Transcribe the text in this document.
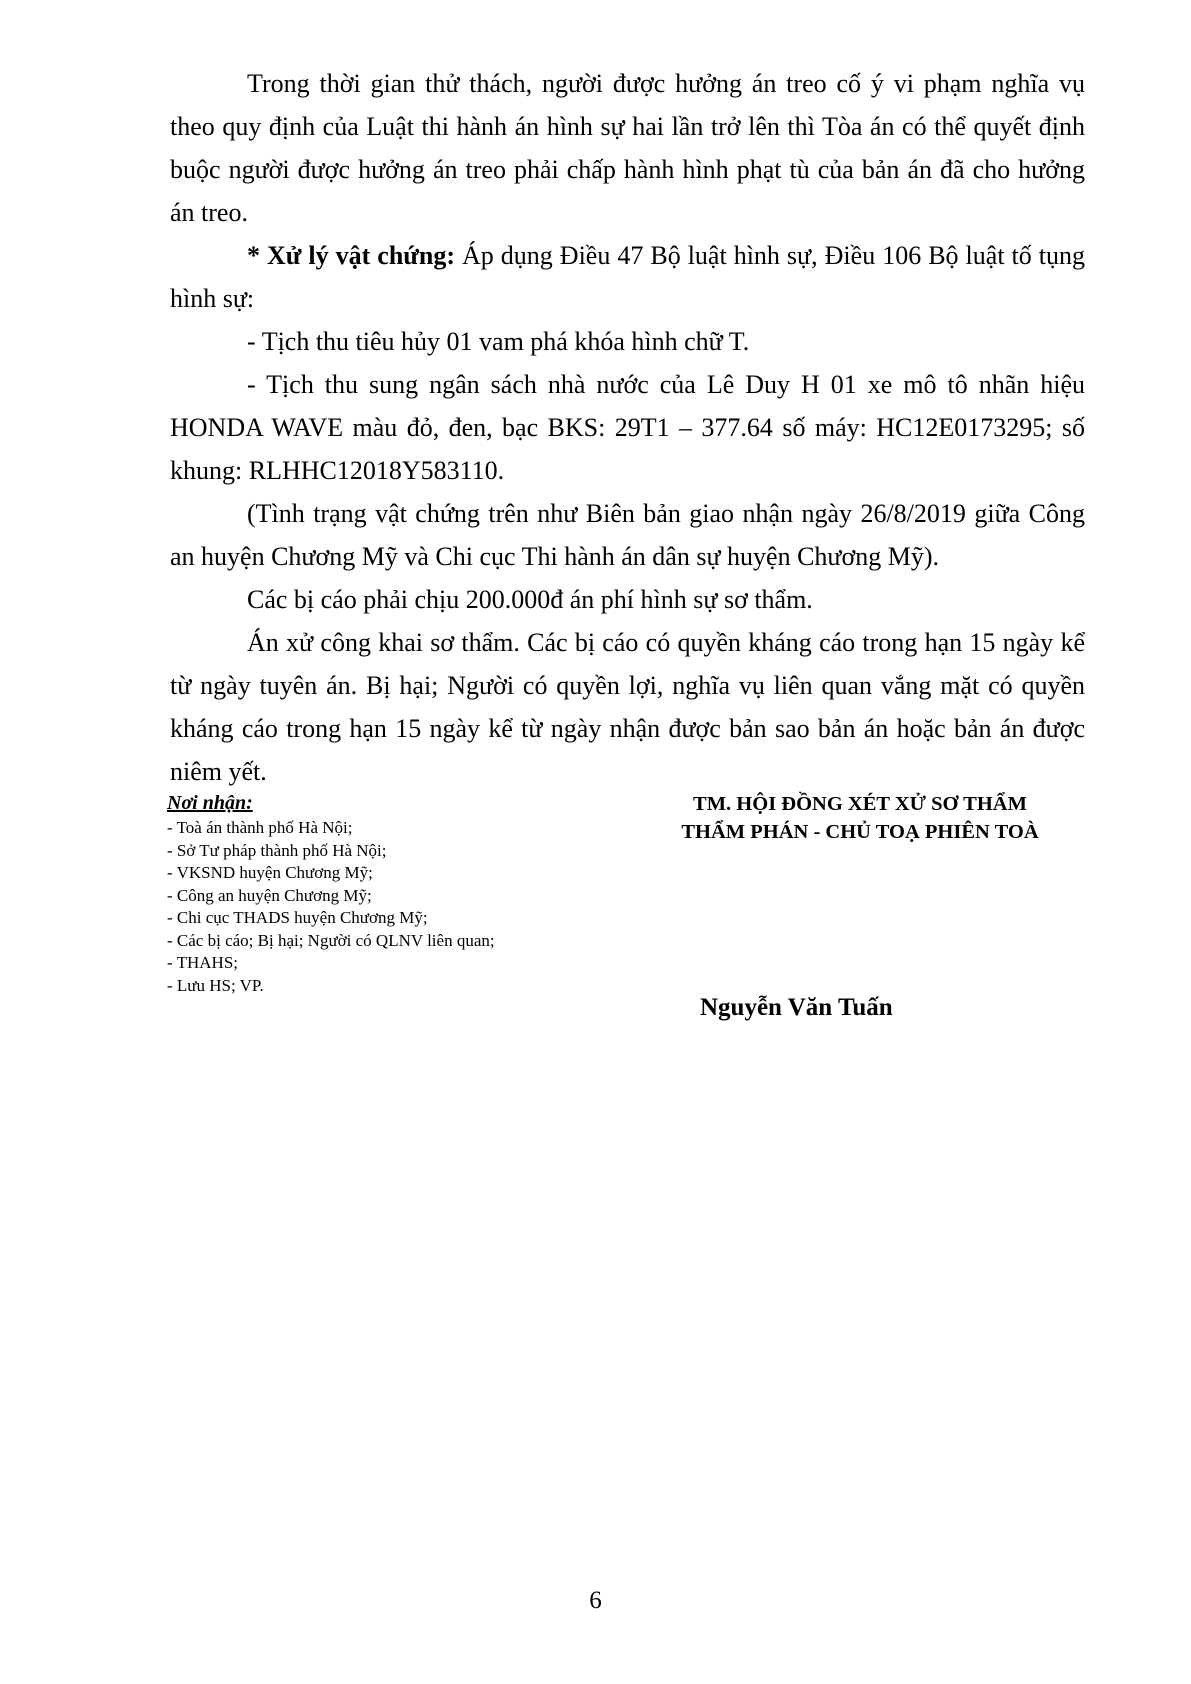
Trong thời gian thử thách, người được hưởng án treo cố ý vi phạm nghĩa vụ theo quy định của Luật thi hành án hình sự hai lần trở lên thì Tòa án có thể quyết định buộc người được hưởng án treo phải chấp hành hình phạt tù của bản án đã cho hưởng án treo.

* Xử lý vật chứng: Áp dụng Điều 47 Bộ luật hình sự, Điều 106 Bộ luật tố tụng hình sự:

- Tịch thu tiêu hủy 01 vam phá khóa hình chữ T.

- Tịch thu sung ngân sách nhà nước của Lê Duy H 01 xe mô tô nhãn hiệu HONDA WAVE màu đỏ, đen, bạc BKS: 29T1 – 377.64 số máy: HC12E0173295; số khung: RLHHC12018Y583110.

(Tình trạng vật chứng trên như Biên bản giao nhận ngày 26/8/2019 giữa Công an huyện Chương Mỹ và Chi cục Thi hành án dân sự huyện Chương Mỹ).

Các bị cáo phải chịu 200.000đ án phí hình sự sơ thẩm.

Án xử công khai sơ thẩm. Các bị cáo có quyền kháng cáo trong hạn 15 ngày kể từ ngày tuyên án. Bị hại; Người có quyền lợi, nghĩa vụ liên quan vắng mặt có quyền kháng cáo trong hạn 15 ngày kể từ ngày nhận được bản sao bản án hoặc bản án được niêm yết.

Nơi nhận:
- Toà án thành phố Hà Nội;
- Sở Tư pháp thành phố Hà Nội;
- VKSND huyện Chương Mỹ;
- Công an huyện Chương Mỹ;
- Chi cục THADS huyện Chương Mỹ;
- Các bị cáo; Bị hại; Người có QLNV liên quan;
- THAHS;
- Lưu HS; VP.
TM. HỘI ĐỒNG XÉT XỬ SƠ THẨM
THẨM PHÁN - CHỦ TOẠ PHIÊN TOÀ
Nguyễn Văn Tuấn
6
